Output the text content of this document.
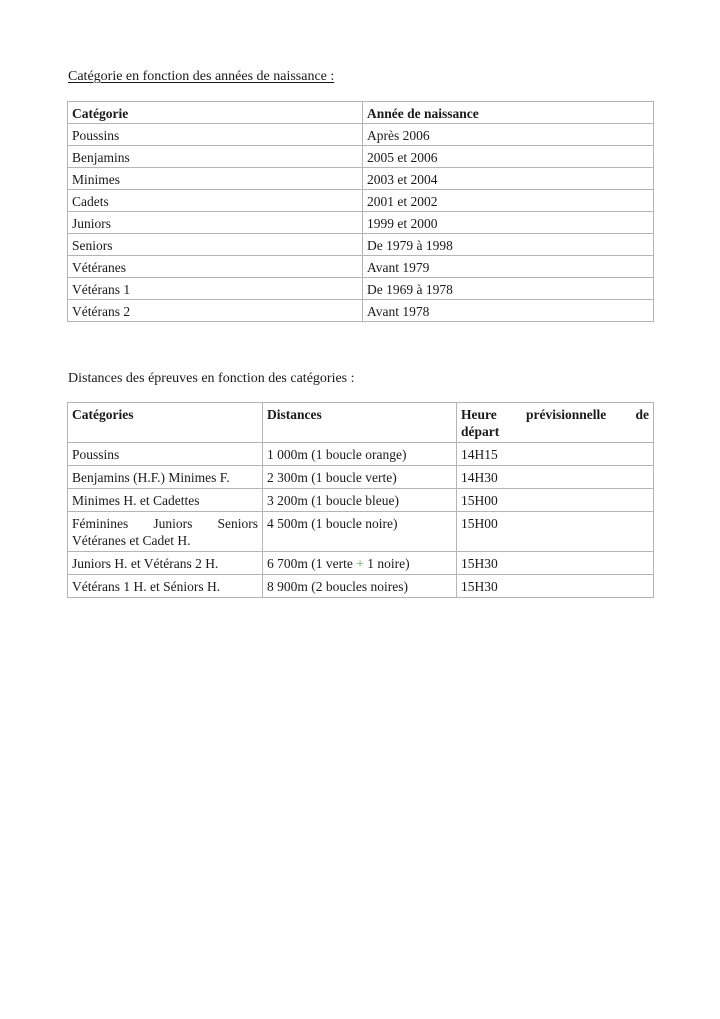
Catégorie en fonction des années de naissance :
Catégorie	Année de naissance
Poussins	Après 2006
Benjamins	2005 et 2006
Minimes	2003 et 2004
Cadets	2001 et 2002
Juniors	1999 et 2000
Seniors	De 1979 à 1998
Vétéranes	Avant 1979
Vétérans 1	De 1969 à 1978
Vétérans 2	Avant 1978
Distances des épreuves en fonction des catégories :
Catégories	Distances	Heure prévisionnelle de
départ

Poussins	1 000m (1 boucle orange)	14H15
Benjamins (H.F.) Minimes F.	2 300m (1 boucle verte)	14H30
Minimes H. et Cadettes	3 200m (1 boucle bleue)	15H00

Féminines Juniors Seniors
Vétéranes et Cadet H.	4 500m (1 boucle noire)	15H00
Juniors H. et Vétérans 2 H.	6 700m (1 verte + 1 noire)	15H30
Vétérans 1 H. et Séniors H.	8 900m (2 boucles noires)	15H30
